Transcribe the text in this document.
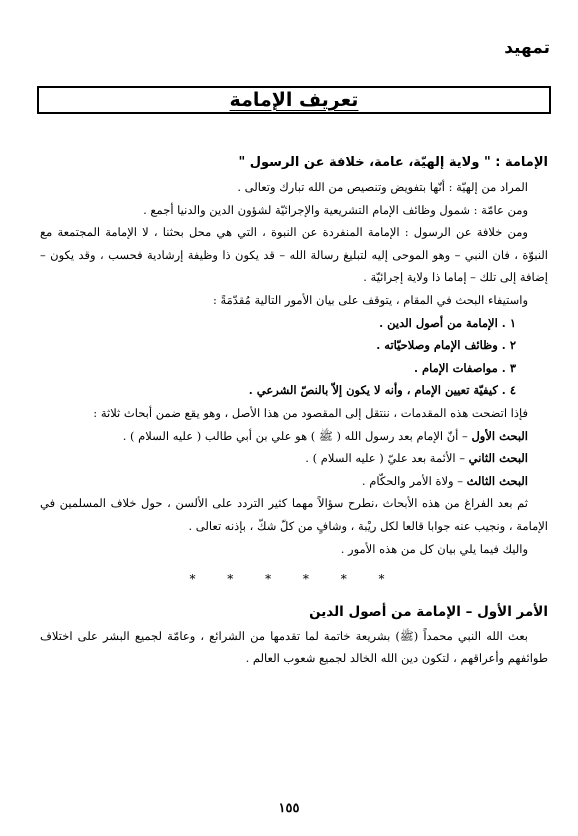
تمهيد
تعريف الإمامة

الإمامة : " ولاية إلهيّة، عامة، خلافة عن الرسول "

المراد من إلهيّة : أنّها بتفويض وتنصيص من الله تبارك وتعالى .

ومن عامّة : شمول وظائف الإمام التشريعية والإجرائيّة لشؤون الدين والدنيا أجمع .

ومن خلافة عن الرسول : الإمامة المنفردة عن النبوة ، التي هي محل بحثنا ، لا الإمامة المجتمعة مع النبوّة ، فان النبي – وهو الموحى إليه لتبليغ رسالة الله – قد يكون ذا وظيفة إرشادية فحسب ، وقد يكون – إضافة إلى تلك – إماما ذا ولاية إجرائيّة .

واستيفاء البحث في المقام ، يتوقف على بيان الأمور التالية مُقدّمَةً :

١ . الإمامة من أصول الدين .

٢ . وظائف الإمام وصلاحيّاته .

٣ . مواصفات الإمام .

٤ . كيفيّة تعيين الإمام ، وأنه لا يكون إلاّ بالنصّ الشرعي .

فإذا اتضحت هذه المقدمات ، ننتقل إلى المقصود من هذا الأصل ، وهو يقع ضمن أبحاث ثلاثة :

البحث الأول – أنّ الإمام بعد رسول الله ( ﷺ ) هو علي بن أبي طالب ( عليه السلام ) .

البحث الثاني – الأئمة بعد عليّ ( عليه السلام ) .

البحث الثالث – ولاة الأمر والحكّام .

ثم بعد الفراغ من هذه الأبحاث ،نطرح سؤالاً مهما كثير التردد على الألسن ، حول خلاف المسلمين في الإمامة ، ونجيب عنه جوابا قالعا لكل ريْبة ، وشافٍ من كلّ شكّ ، بإذنه تعالى .

واليك فيما يلي بيان كل من هذه الأمور .

* * * * * *

الأمر الأول – الإمامة من أصول الدين

بعث الله النبي محمداً (ﷺ) بشريعة خاتمة لما تقدمها من الشرائع ، وعامّة لجميع البشر على اختلاف طوائفهم وأعراقهم ، لتكون دين الله الخالد لجميع شعوب العالم .

١٥٥
